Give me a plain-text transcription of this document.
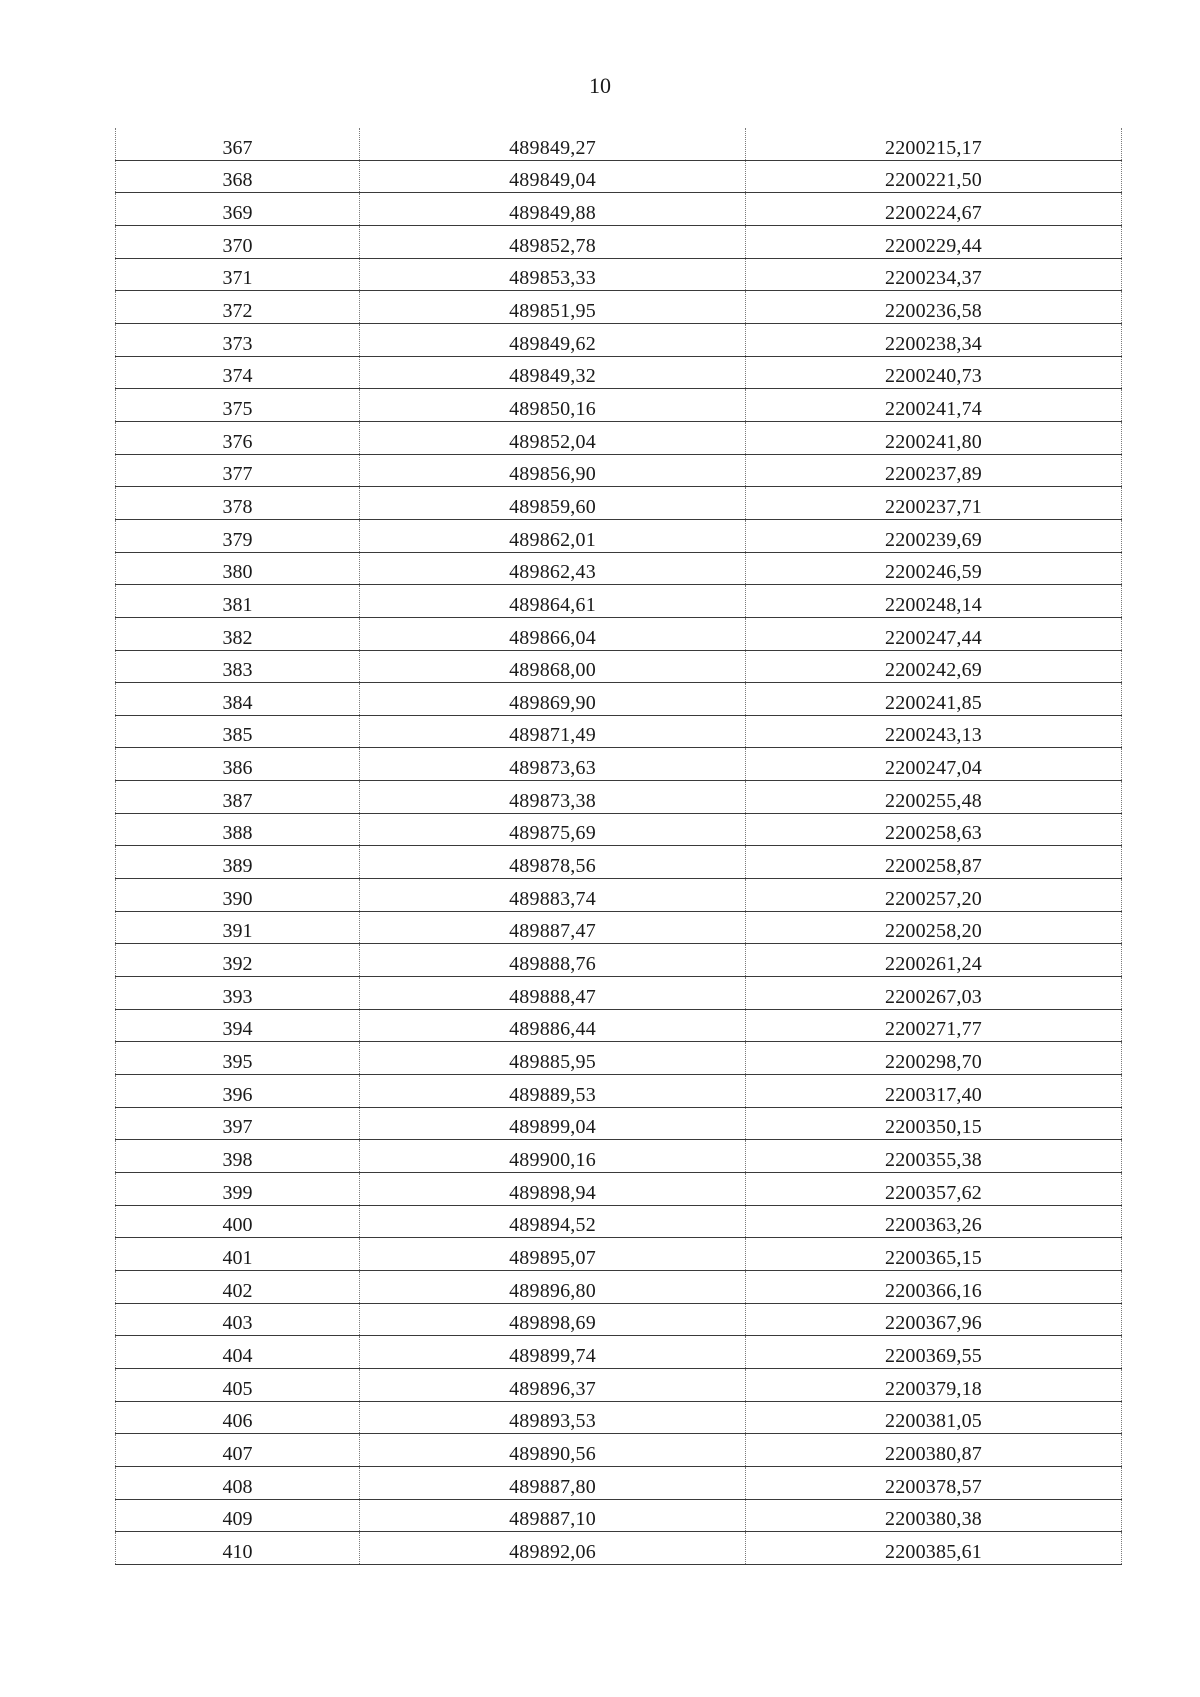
10
367	489849,27	2200215,17
368	489849,04	2200221,50
369	489849,88	2200224,67
370	489852,78	2200229,44
371	489853,33	2200234,37
372	489851,95	2200236,58
373	489849,62	2200238,34
374	489849,32	2200240,73
375	489850,16	2200241,74
376	489852,04	2200241,80
377	489856,90	2200237,89
378	489859,60	2200237,71
379	489862,01	2200239,69
380	489862,43	2200246,59
381	489864,61	2200248,14
382	489866,04	2200247,44
383	489868,00	2200242,69
384	489869,90	2200241,85
385	489871,49	2200243,13
386	489873,63	2200247,04
387	489873,38	2200255,48
388	489875,69	2200258,63
389	489878,56	2200258,87
390	489883,74	2200257,20
391	489887,47	2200258,20
392	489888,76	2200261,24
393	489888,47	2200267,03
394	489886,44	2200271,77
395	489885,95	2200298,70
396	489889,53	2200317,40
397	489899,04	2200350,15
398	489900,16	2200355,38
399	489898,94	2200357,62
400	489894,52	2200363,26
401	489895,07	2200365,15
402	489896,80	2200366,16
403	489898,69	2200367,96
404	489899,74	2200369,55
405	489896,37	2200379,18
406	489893,53	2200381,05
407	489890,56	2200380,87
408	489887,80	2200378,57
409	489887,10	2200380,38
410	489892,06	2200385,61
